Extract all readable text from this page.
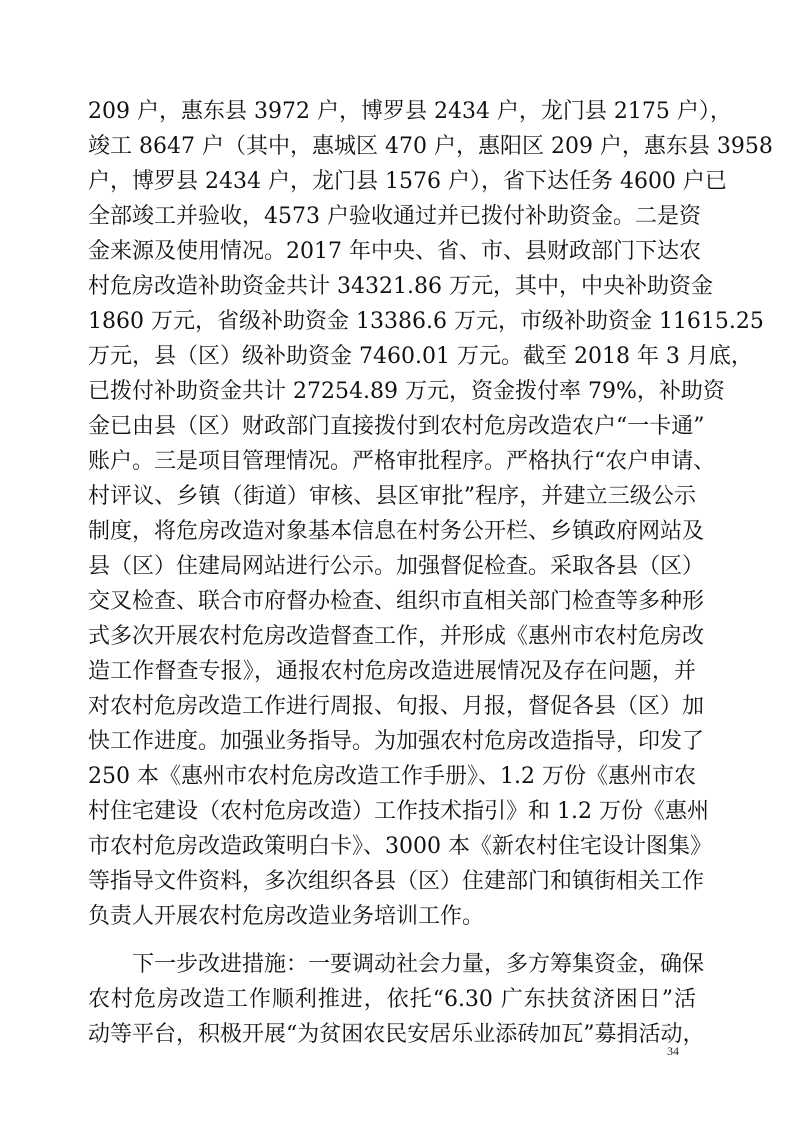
209 户，惠东县 3972 户，博罗县 2434 户，龙门县 2175 户），
竣工 8647 户（其中，惠城区 470 户，惠阳区 209 户，惠东县 3958
户，博罗县 2434 户，龙门县 1576 户），省下达任务 4600 户已
全部竣工并验收，4573 户验收通过并已拨付补助资金。二是资
金来源及使用情况。2017 年中央、省、市、县财政部门下达农
村危房改造补助资金共计 34321.86 万元，其中，中央补助资金
1860 万元，省级补助资金 13386.6 万元，市级补助资金 11615.25
万元，县（区）级补助资金 7460.01 万元。截至 2018 年 3 月底，
已拨付补助资金共计 27254.89 万元，资金拨付率 79%，补助资
金已由县（区）财政部门直接拨付到农村危房改造农户“一卡通”
账户。三是项目管理情况。严格审批程序。严格执行“农户申请、
村评议、乡镇（街道）审核、县区审批”程序，并建立三级公示
制度，将危房改造对象基本信息在村务公开栏、乡镇政府网站及
县（区）住建局网站进行公示。加强督促检查。采取各县（区）
交叉检查、联合市府督办检查、组织市直相关部门检查等多种形
式多次开展农村危房改造督查工作，并形成《惠州市农村危房改
造工作督查专报》，通报农村危房改造进展情况及存在问题，并
对农村危房改造工作进行周报、旬报、月报，督促各县（区）加
快工作进度。加强业务指导。为加强农村危房改造指导，印发了
250 本《惠州市农村危房改造工作手册》、1.2 万份《惠州市农
村住宅建设（农村危房改造）工作技术指引》和 1.2 万份《惠州
市农村危房改造政策明白卡》、3000 本《新农村住宅设计图集》
等指导文件资料，多次组织各县（区）住建部门和镇街相关工作
负责人开展农村危房改造业务培训工作。
　　下一步改进措施：一要调动社会力量，多方筹集资金，确保
农村危房改造工作顺利推进，依托“6.30 广东扶贫济困日”活
动等平台，积极开展“为贫困农民安居乐业添砖加瓦”募捐活动，
34
